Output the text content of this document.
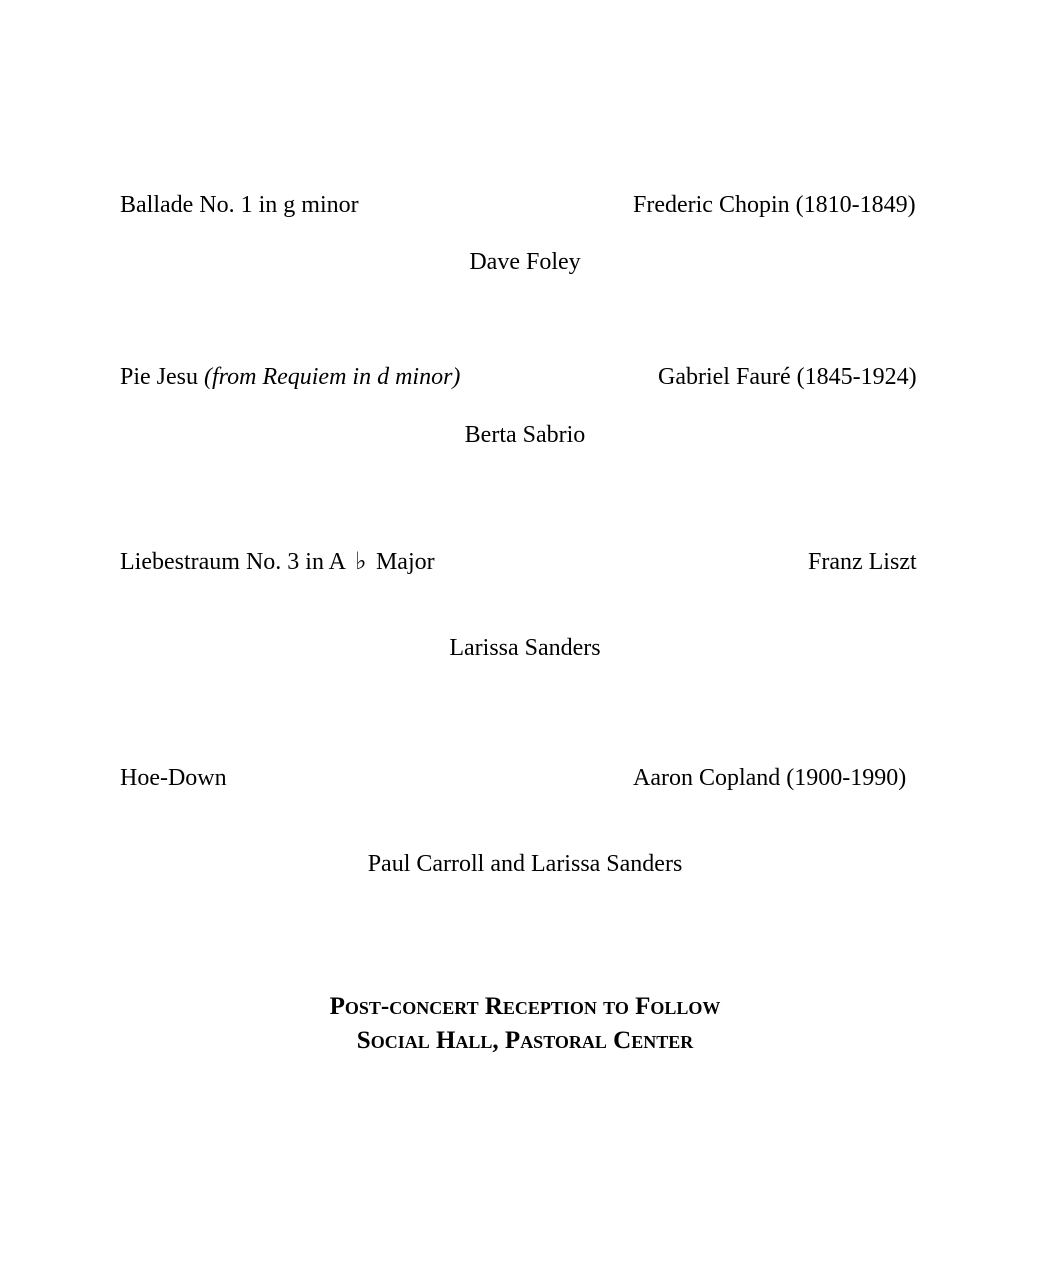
Ballade No. 1 in g minor	Frederic Chopin (1810-1849)
Dave Foley
Pie Jesu (from Requiem in d minor)	Gabriel Fauré (1845-1924)
Berta Sabrio
Liebestraum No. 3 in A ♭ Major	Franz Liszt
Larissa Sanders
Hoe-Down	Aaron Copland (1900-1990)
Paul Carroll and Larissa Sanders
Post-concert Reception to Follow
Social Hall, Pastoral Center
